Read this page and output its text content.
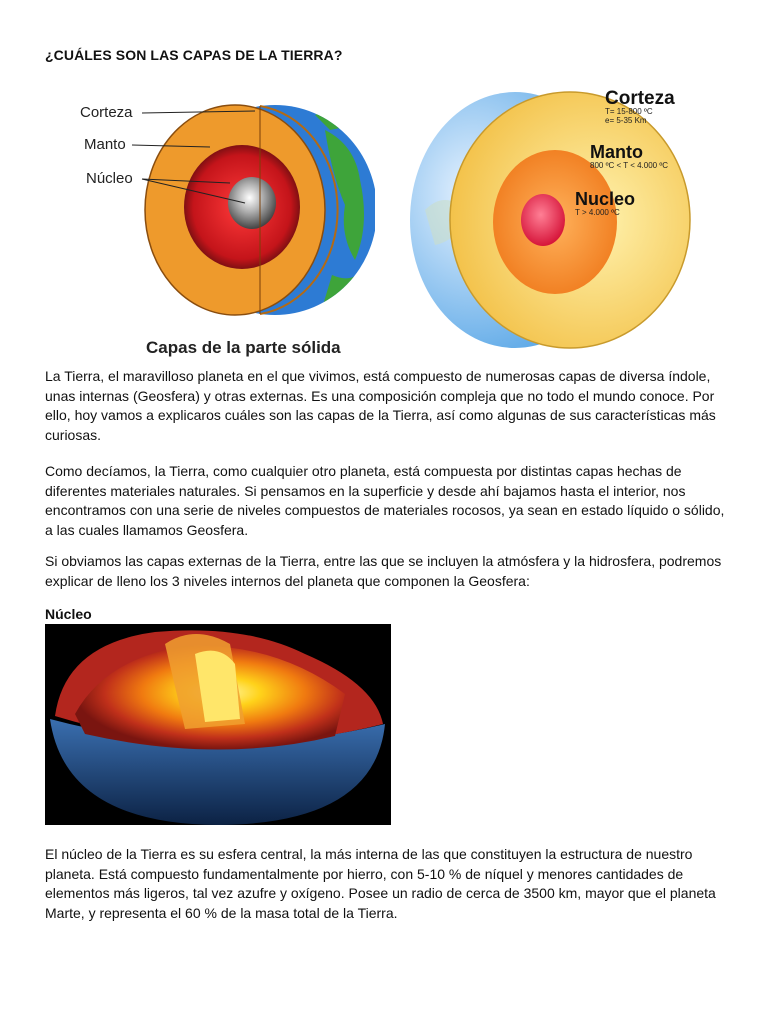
¿CUÁLES SON LAS CAPAS DE LA TIERRA?
Corteza
Manto
Núcleo
Capas de la parte sólida
Corteza
T= 15-800 ºC
e= 5-35 Km
Manto
800 ºC < T < 4.000 ºC
Nucleo
T > 4.000 ºC

La Tierra, el maravilloso planeta en el que vivimos, está compuesto de numerosas capas de diversa índole, unas internas (Geosfera) y otras externas. Es una composición compleja que no todo el mundo conoce. Por ello, hoy vamos a explicaros cuáles son las capas de la Tierra, así como algunas de sus características más curiosas.

Como decíamos, la Tierra, como cualquier otro planeta, está compuesta por distintas capas hechas de diferentes materiales naturales. Si pensamos en la superficie y desde ahí bajamos hasta el interior, nos encontramos con una serie de niveles compuestos de materiales rocosos, ya sean en estado líquido o sólido, a las cuales llamamos Geosfera.

Si obviamos las capas externas de la Tierra, entre las que se incluyen la atmósfera y la hidrosfera, podremos explicar de lleno los 3 niveles internos del planeta que componen la Geosfera:

Núcleo

El núcleo de la Tierra es su esfera central, la más interna de las que constituyen la estructura de nuestro planeta. Está compuesto fundamentalmente por hierro, con 5-10 % de níquel y menores cantidades de elementos más ligeros, tal vez azufre y oxígeno. Posee un radio de cerca de 3500 km, mayor que el planeta Marte, y representa el 60 % de la masa total de la Tierra.
